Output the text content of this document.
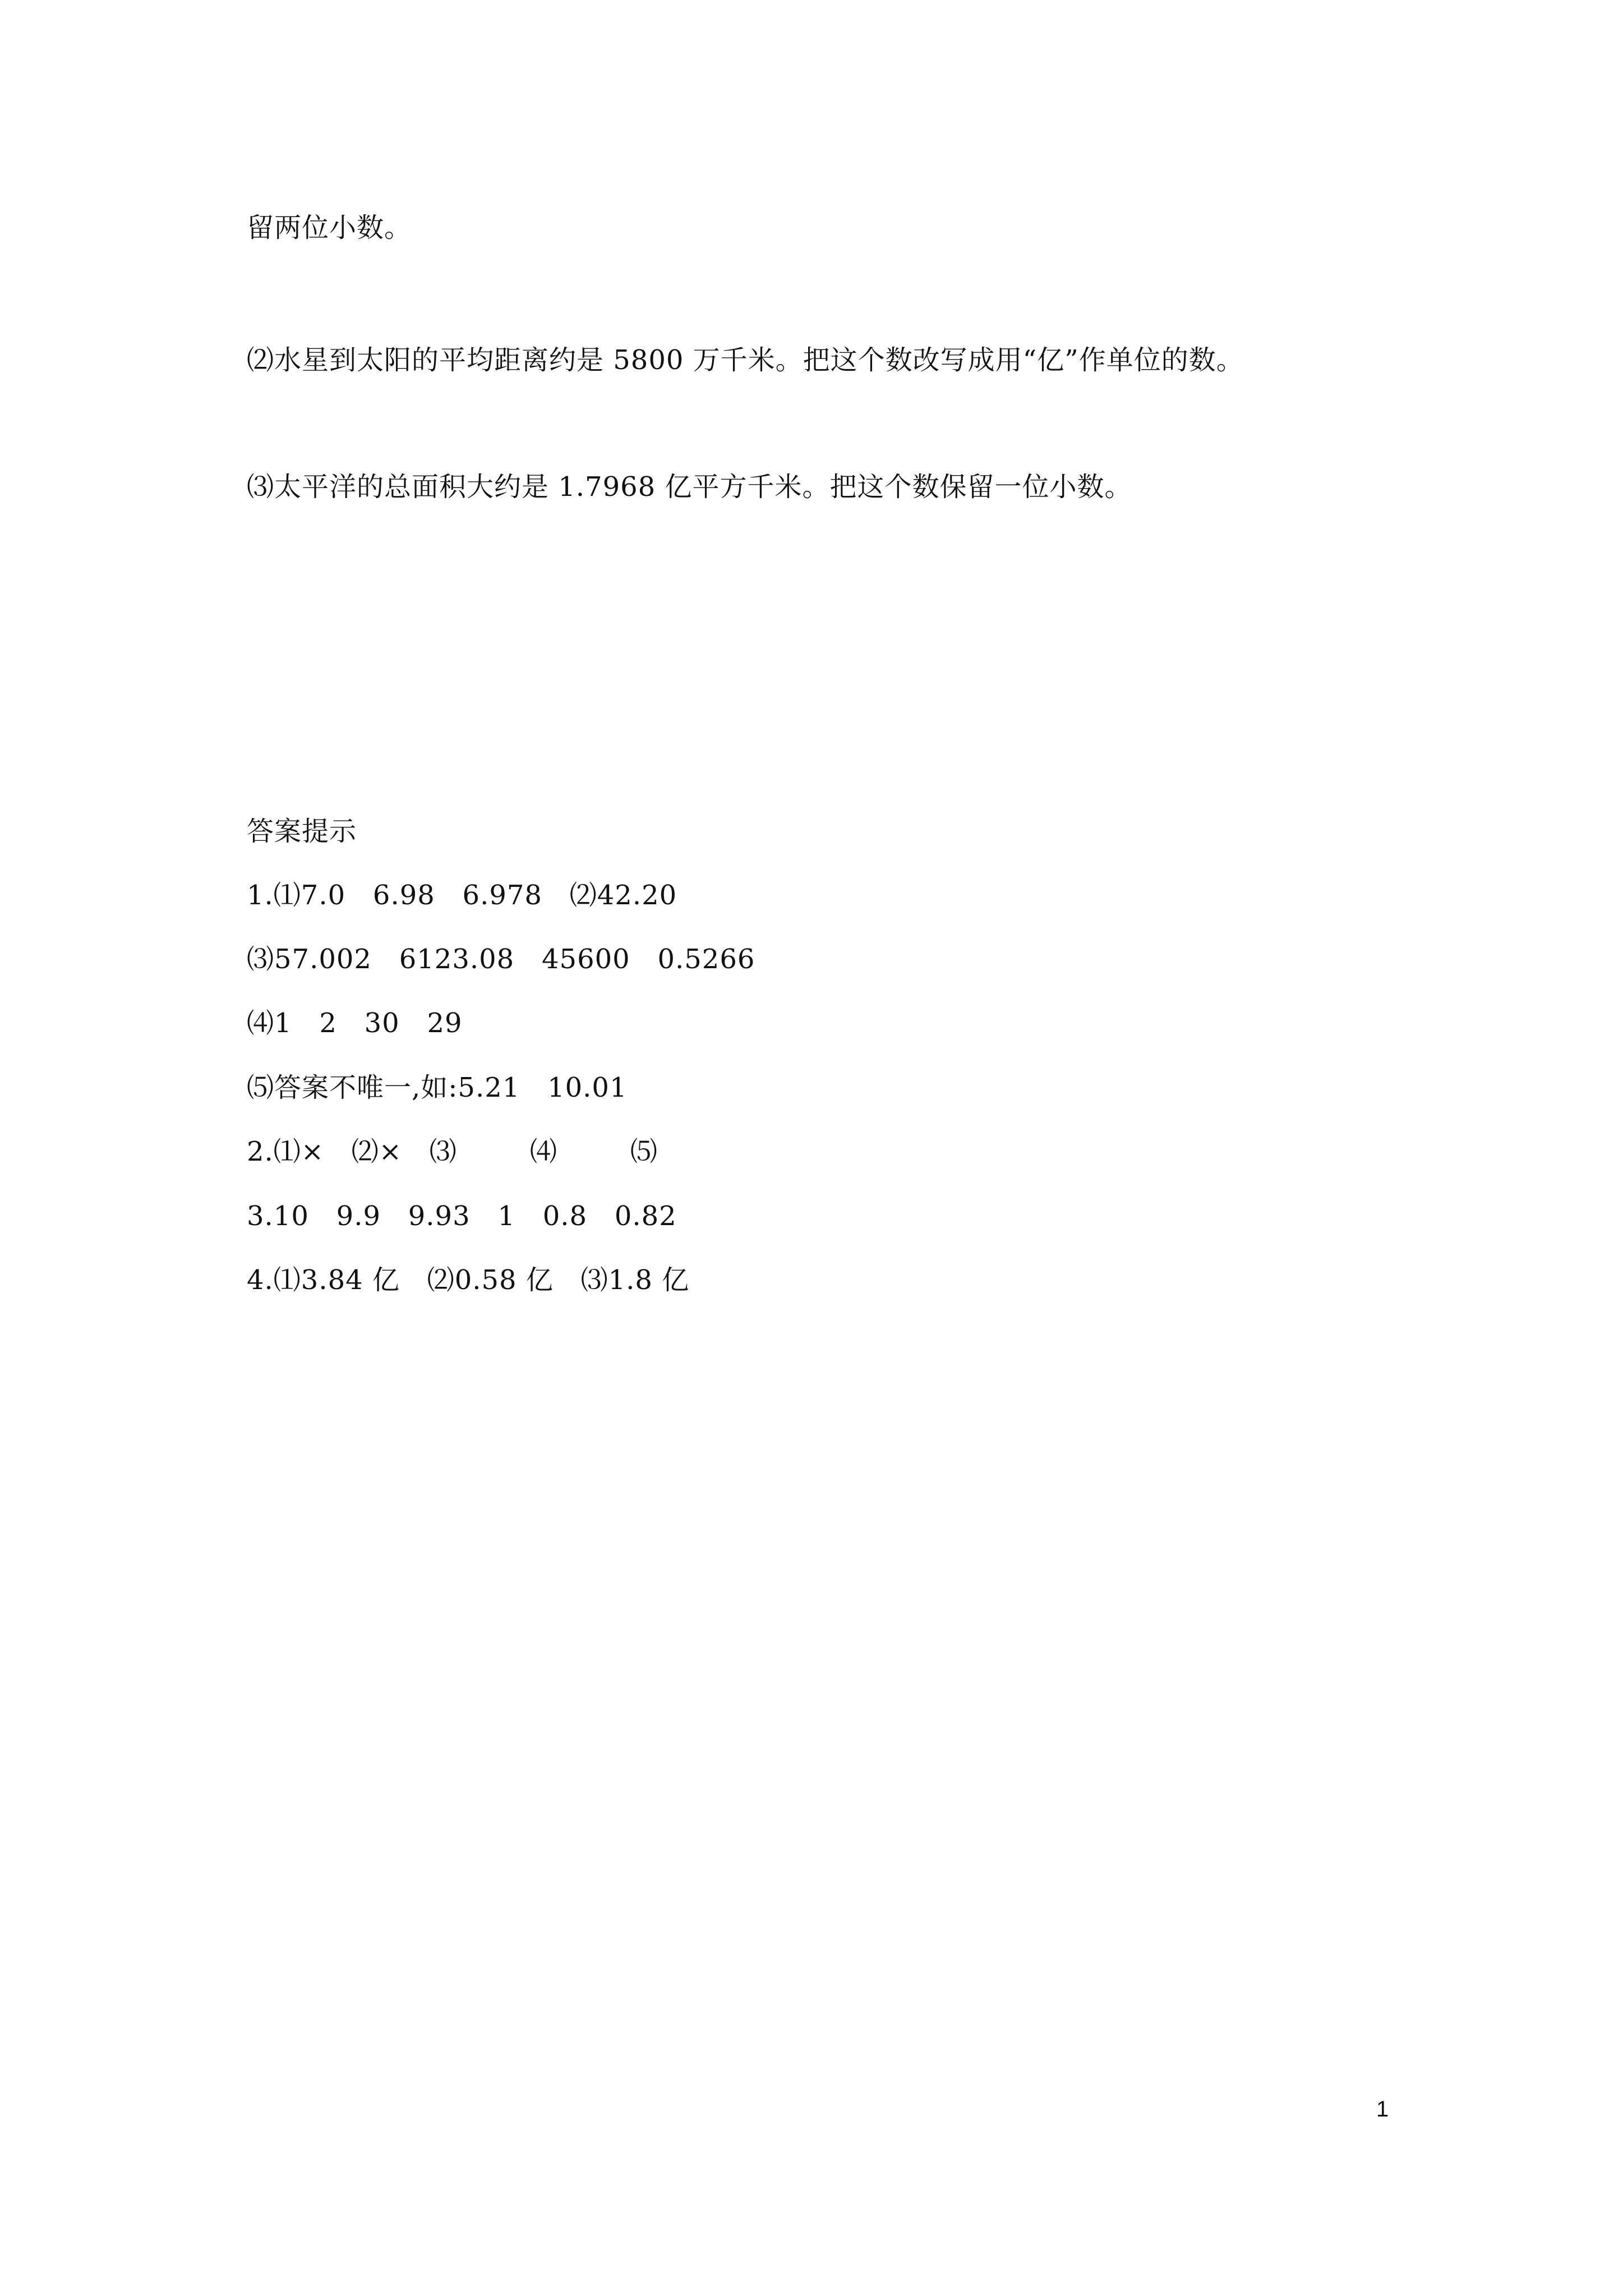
留两位小数。
⑵水星到太阳的平均距离约是 5800 万千米。把这个数改写成用“亿”作单位的数。
⑶太平洋的总面积大约是 1.7968 亿平方千米。把这个数保留一位小数。
答案提示
1.⑴7.0   6.98   6.978   ⑵42.20
⑶57.002   6123.08   45600   0.5266
⑷1   2   30   29
⑸答案不唯一,如:5.21   10.01
2.⑴×   ⑵×   ⑶        ⑷        ⑸
3.10   9.9   9.93   1   0.8   0.82
4.⑴3.84 亿   ⑵0.58 亿   ⑶1.8 亿
1
